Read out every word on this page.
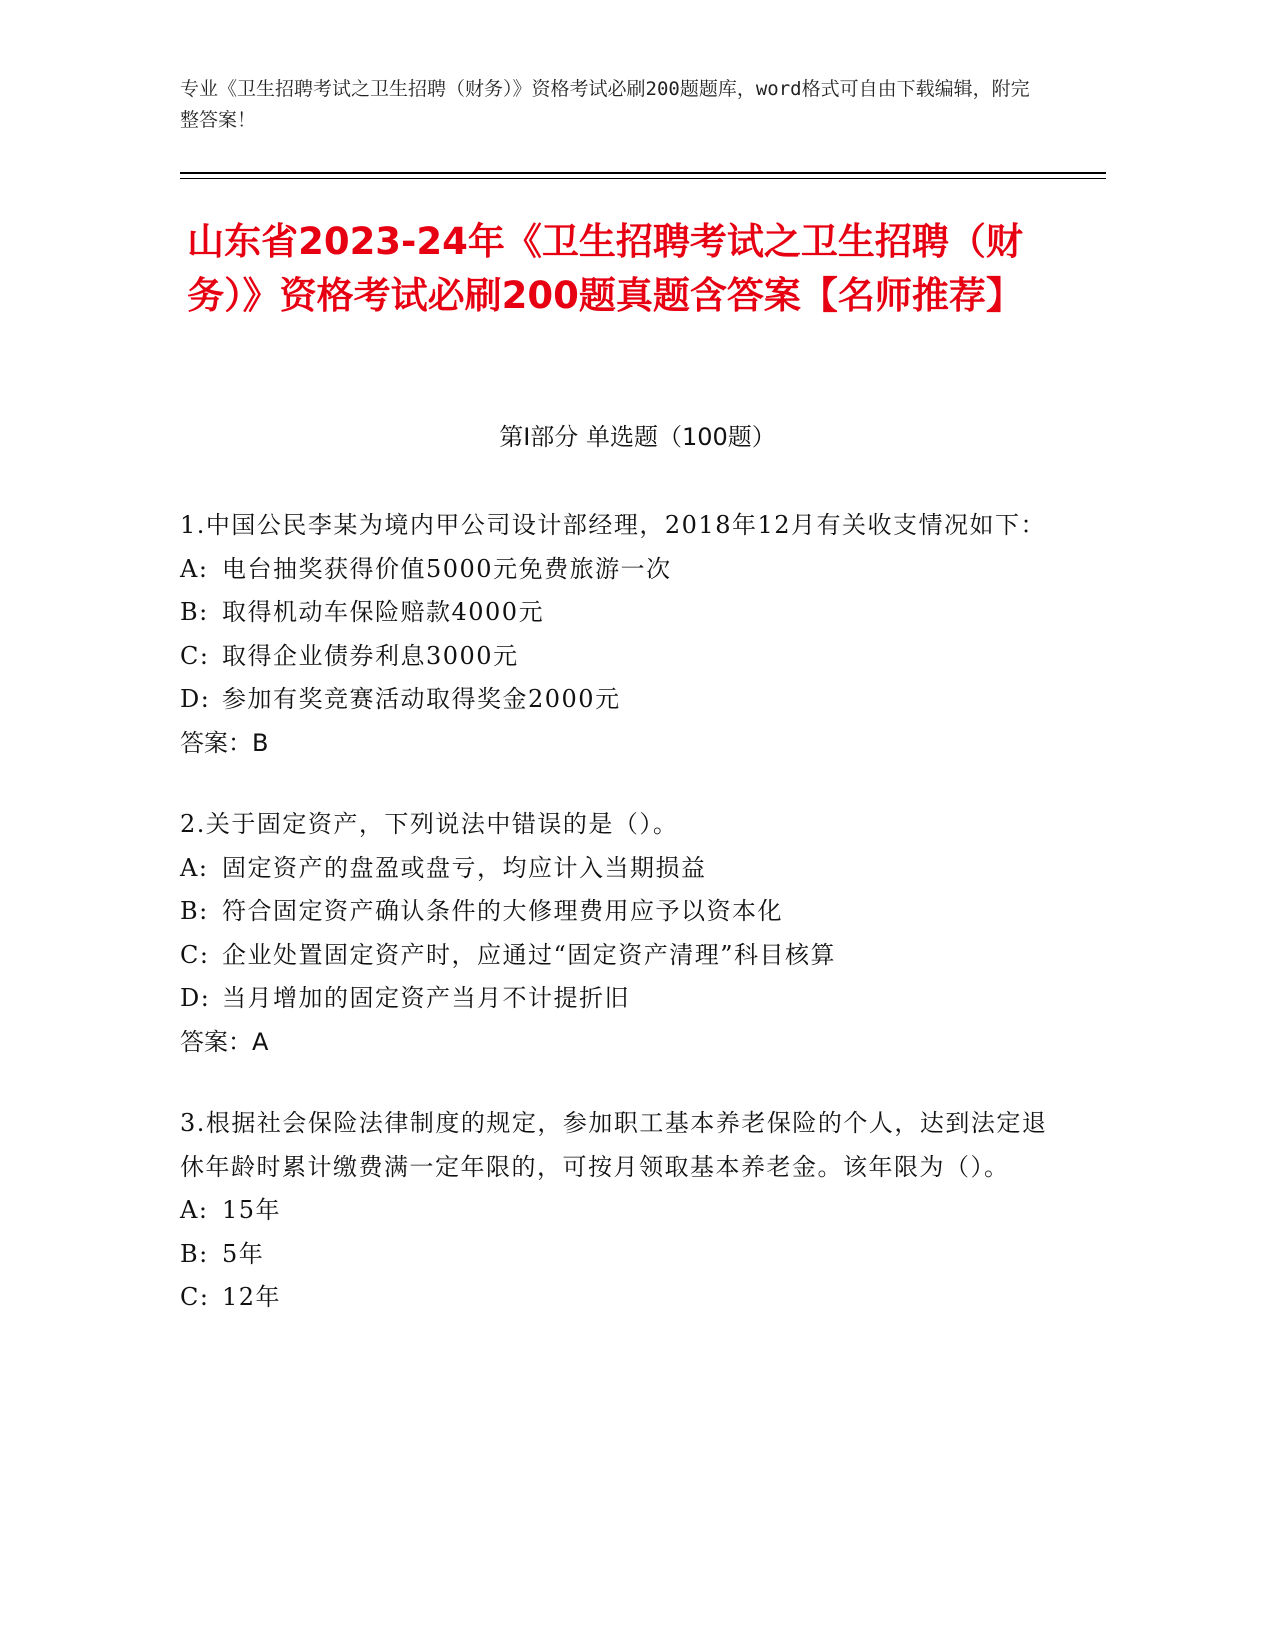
专业《卫生招聘考试之卫生招聘（财务）》资格考试必刷200题题库，word格式可自由下载编辑，附完整答案！
山东省2023-24年《卫生招聘考试之卫生招聘（财务）》资格考试必刷200题真题含答案【名师推荐】
第Ⅰ部分 单选题（100题）
1.中国公民李某为境内甲公司设计部经理，2018年12月有关收支情况如下：
A: 电台抽奖获得价值5000元免费旅游一次
B: 取得机动车保险赔款4000元
C: 取得企业债券利息3000元
D: 参加有奖竞赛活动取得奖金2000元
答案：B
2.关于固定资产，下列说法中错误的是（）。
A: 固定资产的盘盈或盘亏，均应计入当期损益
B: 符合固定资产确认条件的大修理费用应予以资本化
C: 企业处置固定资产时，应通过“固定资产清理”科目核算
D: 当月增加的固定资产当月不计提折旧
答案：A
3.根据社会保险法律制度的规定，参加职工基本养老保险的个人，达到法定退休年龄时累计缴费满一定年限的，可按月领取基本养老金。该年限为（）。
A: 15年
B: 5年
C: 12年
